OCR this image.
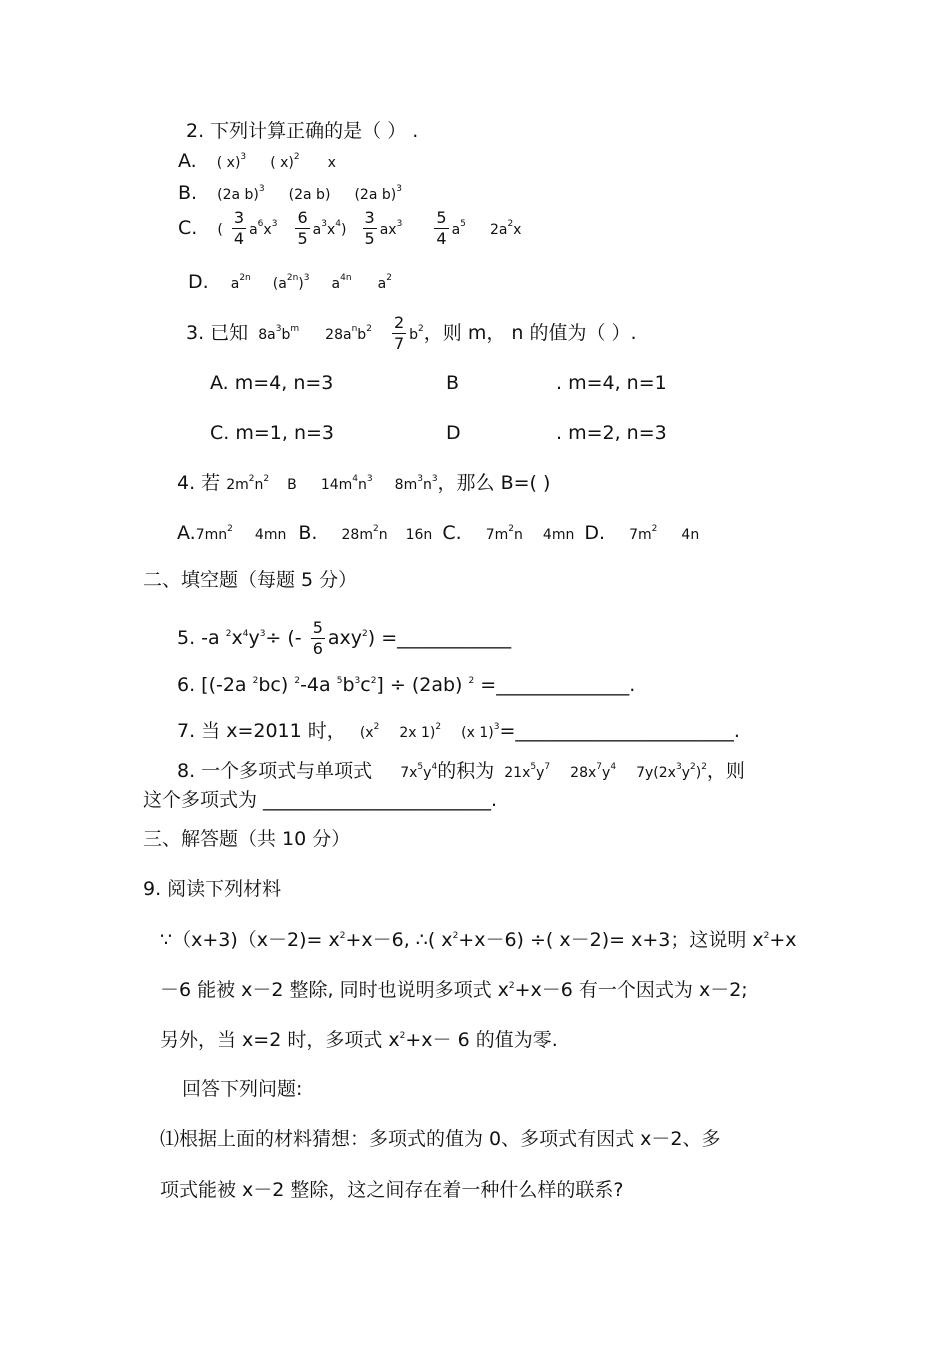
2. 下列计算正确的是（ ） .
A. ( x)$^3$ ( x)$^2$ x
B. (2a b)$^3$ (2a b) (2a b)$^3$
C. ( $\frac{3}{4} a^6x^3 \frac{6}{5} a^3x^4) \frac{3}{5} ax^3 \frac{5}{4} a^5$ $2a^2x$
D. $a^{2n}$ $(a^{2n})^3$ $a^{4n}$ $a^2$
3. 已知 $8a^3b^m$ $28a^nb^2 \frac{2}{7} b^2$，则 m， n 的值为（ ）.
A. m=4, n=3	B	. m=4, n=1
C. m=1, n=3	D	. m=2, n=3
4. 若 $2m^2n^2$ B $14m^4n^3$ $8m^3n^3$，那么 B=( )
$A.7mn^2$ 4mn B. $28m^2n$ 16n C. $7m^2n$ 4mn D. $7m^2$ 4n
二、填空题（每题 5 分）
5. -a $^2x^4y^3\div$ (- $\frac{5}{6} axy^2$) =____________
6. [(-2a $^2$bc) $^2$-4a $^5b^3c^2] \div (2ab)$ $^2$ =______________.
7. 当 x=2011 时， ($x^2$ 2x 1)$^2$ (x 1)$^3$=_______________________.
8. 一个多项式与单项式 $7x^5y^4$的积为 $21x^5y^7$ $28x^7y^4$ $7y(2x^3y^2)^2$，则
这个多项式为 ________________________.
三、解答题（共 10 分）
9. 阅读下列材料
∵（x+3)（x－2)= $x^2+x-6$, ∴( $x^2+x-6$) ÷( x－2)= x+3；这说明 $x^2+x$
－6 能被 x－2 整除, 同时也说明多项式 $x^2+x-6$ 有一个因式为 x－2;
另外，当 x=2 时，多项式 $x^2+x- 6$ 的值为零.
回答下列问题:
⑴根据上面的材料猜想：多项式的值为 0、多项式有因式 x－2、多
项式能被 x－2 整除，这之间存在着一种什么样的联系?
